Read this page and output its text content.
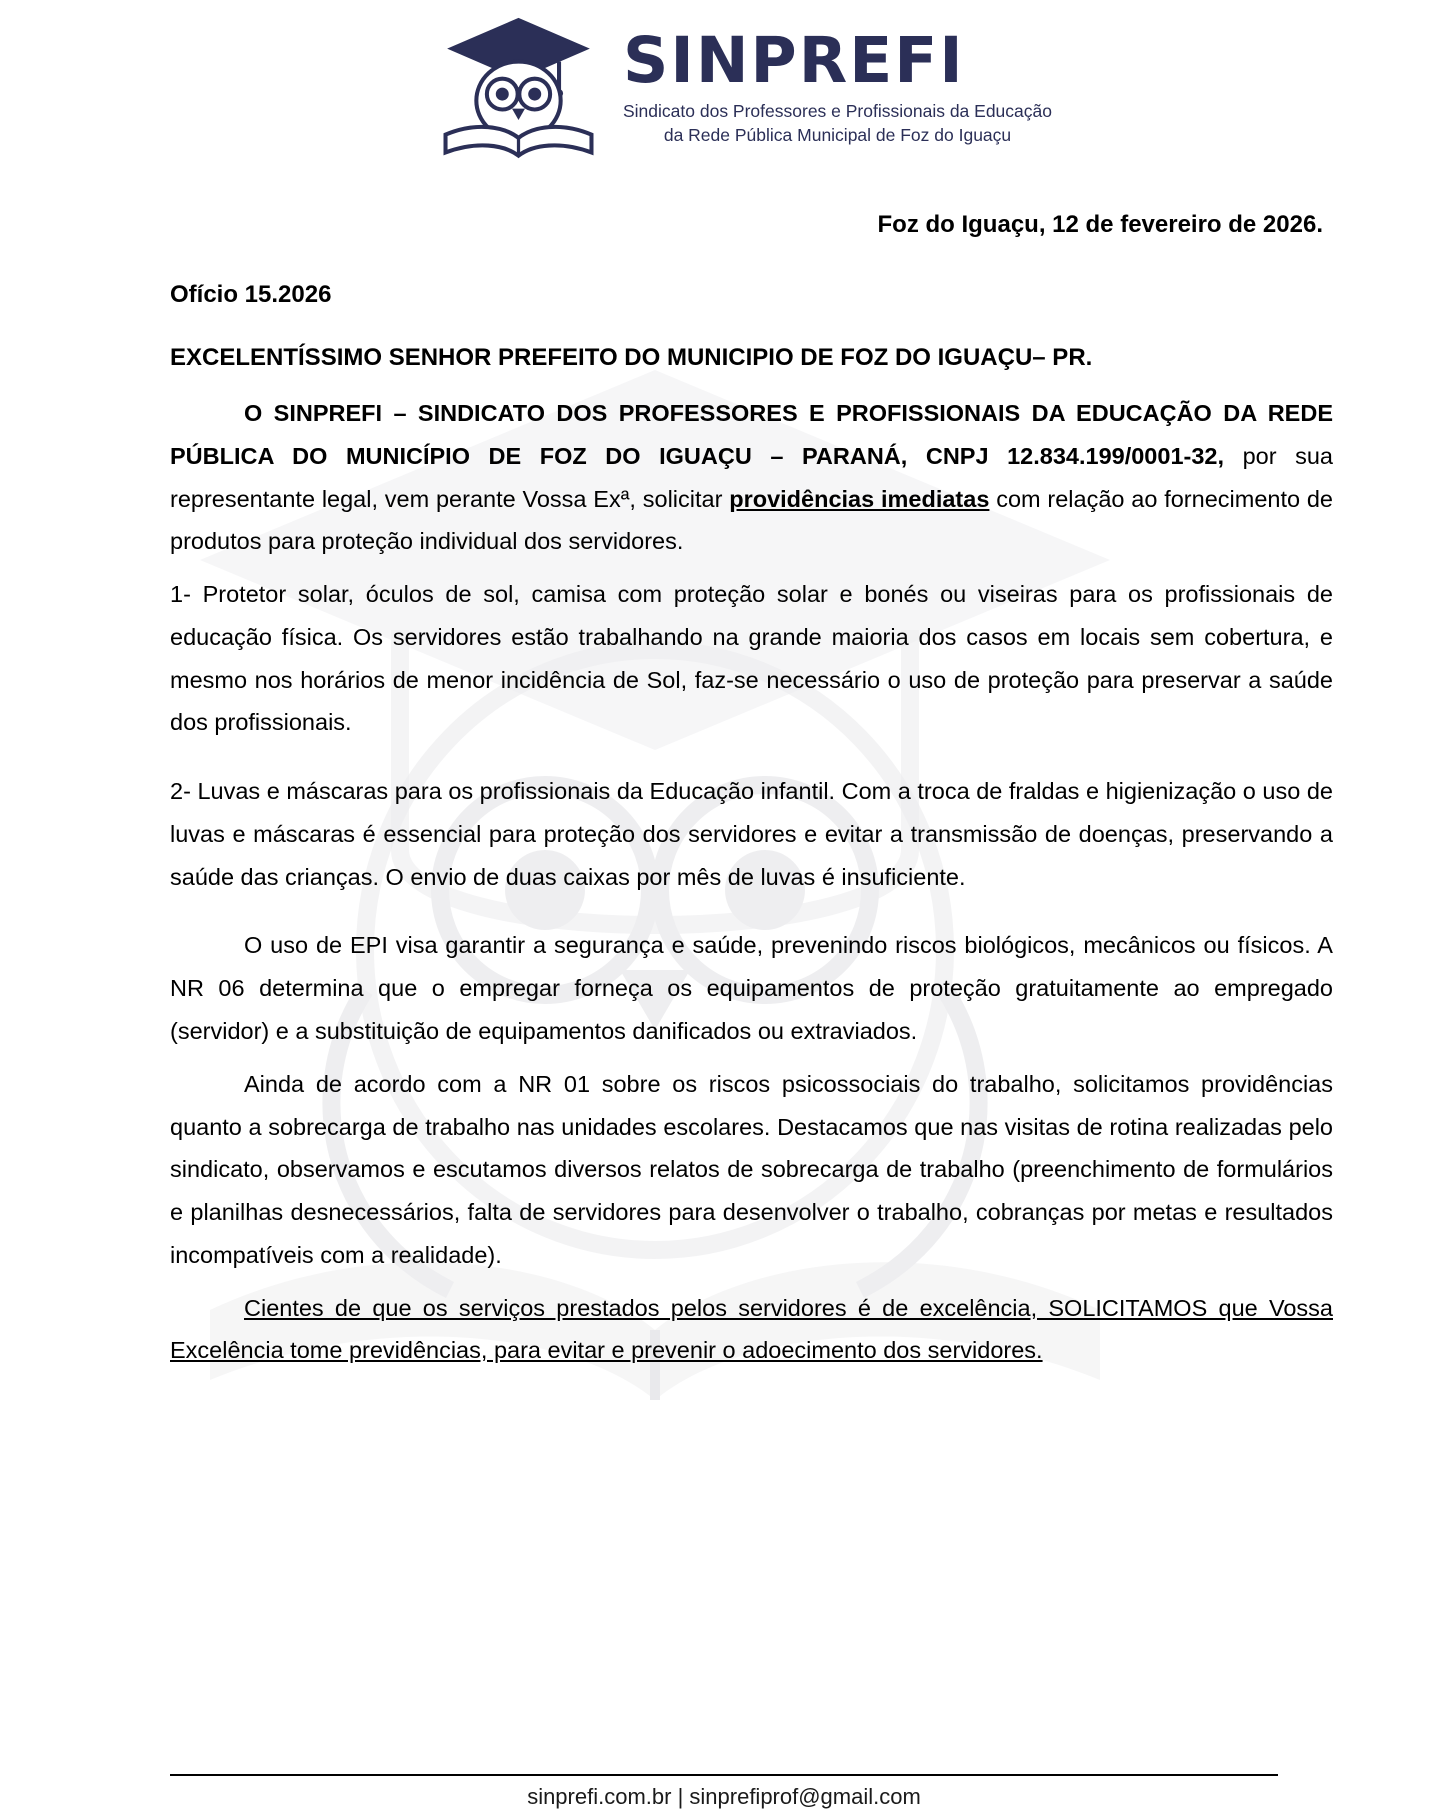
SINPREFI
Sindicato dos Professores e Profissionais da Educação
da Rede Pública Municipal de Foz do Iguaçu
Foz do Iguaçu, 12 de fevereiro de 2026.
Ofício 15.2026
EXCELENTÍSSIMO SENHOR PREFEITO DO MUNICIPIO DE FOZ DO IGUAÇU– PR.

O SINPREFI – SINDICATO DOS PROFESSORES E PROFISSIONAIS DA EDUCAÇÃO DA REDE PÚBLICA DO MUNICÍPIO DE FOZ DO IGUAÇU – PARANÁ, CNPJ 12.834.199/0001-32, por sua representante legal, vem perante Vossa Exª, solicitar providências imediatas com relação ao fornecimento de produtos para proteção individual dos servidores.

1- Protetor solar, óculos de sol, camisa com proteção solar e bonés ou viseiras para os profissionais de educação física. Os servidores estão trabalhando na grande maioria dos casos em locais sem cobertura, e mesmo nos horários de menor incidência de Sol, faz-se necessário o uso de proteção para preservar a saúde dos profissionais.

2- Luvas e máscaras para os profissionais da Educação infantil. Com a troca de fraldas e higienização o uso de luvas e máscaras é essencial para proteção dos servidores e evitar a transmissão de doenças, preservando a saúde das crianças. O envio de duas caixas por mês de luvas é insuficiente.

O uso de EPI visa garantir a segurança e saúde, prevenindo riscos biológicos, mecânicos ou físicos. A NR 06 determina que o empregar forneça os equipamentos de proteção gratuitamente ao empregado (servidor) e a substituição de equipamentos danificados ou extraviados.

Ainda de acordo com a NR 01 sobre os riscos psicossociais do trabalho, solicitamos providências quanto a sobrecarga de trabalho nas unidades escolares. Destacamos que nas visitas de rotina realizadas pelo sindicato, observamos e escutamos diversos relatos de sobrecarga de trabalho (preenchimento de formulários e planilhas desnecessários, falta de servidores para desenvolver o trabalho, cobranças por metas e resultados incompatíveis com a realidade).

Cientes de que os serviços prestados pelos servidores é de excelência, SOLICITAMOS que Vossa Excelência tome previdências, para evitar e prevenir o adoecimento dos servidores.

sinprefi.com.br | sinprefiprof@gmail.com
